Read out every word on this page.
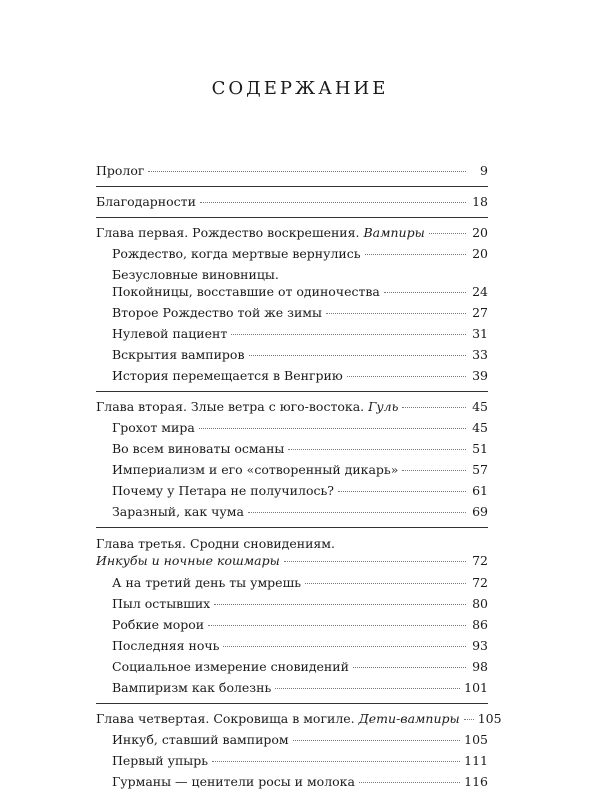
СОДЕРЖАНИЕ
Пролог	9
Благодарности	18
Глава первая. Рождество воскрешения. Вампиры	20
Рождество, когда мертвые вернулись	20
Безусловные виновницы.
Покойницы, восставшие от одиночества	24
Второе Рождество той же зимы	27
Нулевой пациент	31
Вскрытия вампиров	33
История перемещается в Венгрию	39
Глава вторая. Злые ветра с юго-востока. Гуль	45
Грохот мира	45
Во всем виноваты османы	51
Империализм и его «сотворенный дикарь»	57
Почему у Петара не получилось?	61
Заразный, как чума	69
Глава третья. Сродни сновидениям.
Инкубы и ночные кошмары	72
А на третий день ты умрешь	72
Пыл остывших	80
Робкие морои	86
Последняя ночь	93
Социальное измерение сновидений	98
Вампиризм как болезнь	101
Глава четвертая. Сокровища в могиле. Дети-вампиры 105
Инкуб, ставший вампиром	105
Первый упырь	111
Гурманы — ценители росы и молока	116
